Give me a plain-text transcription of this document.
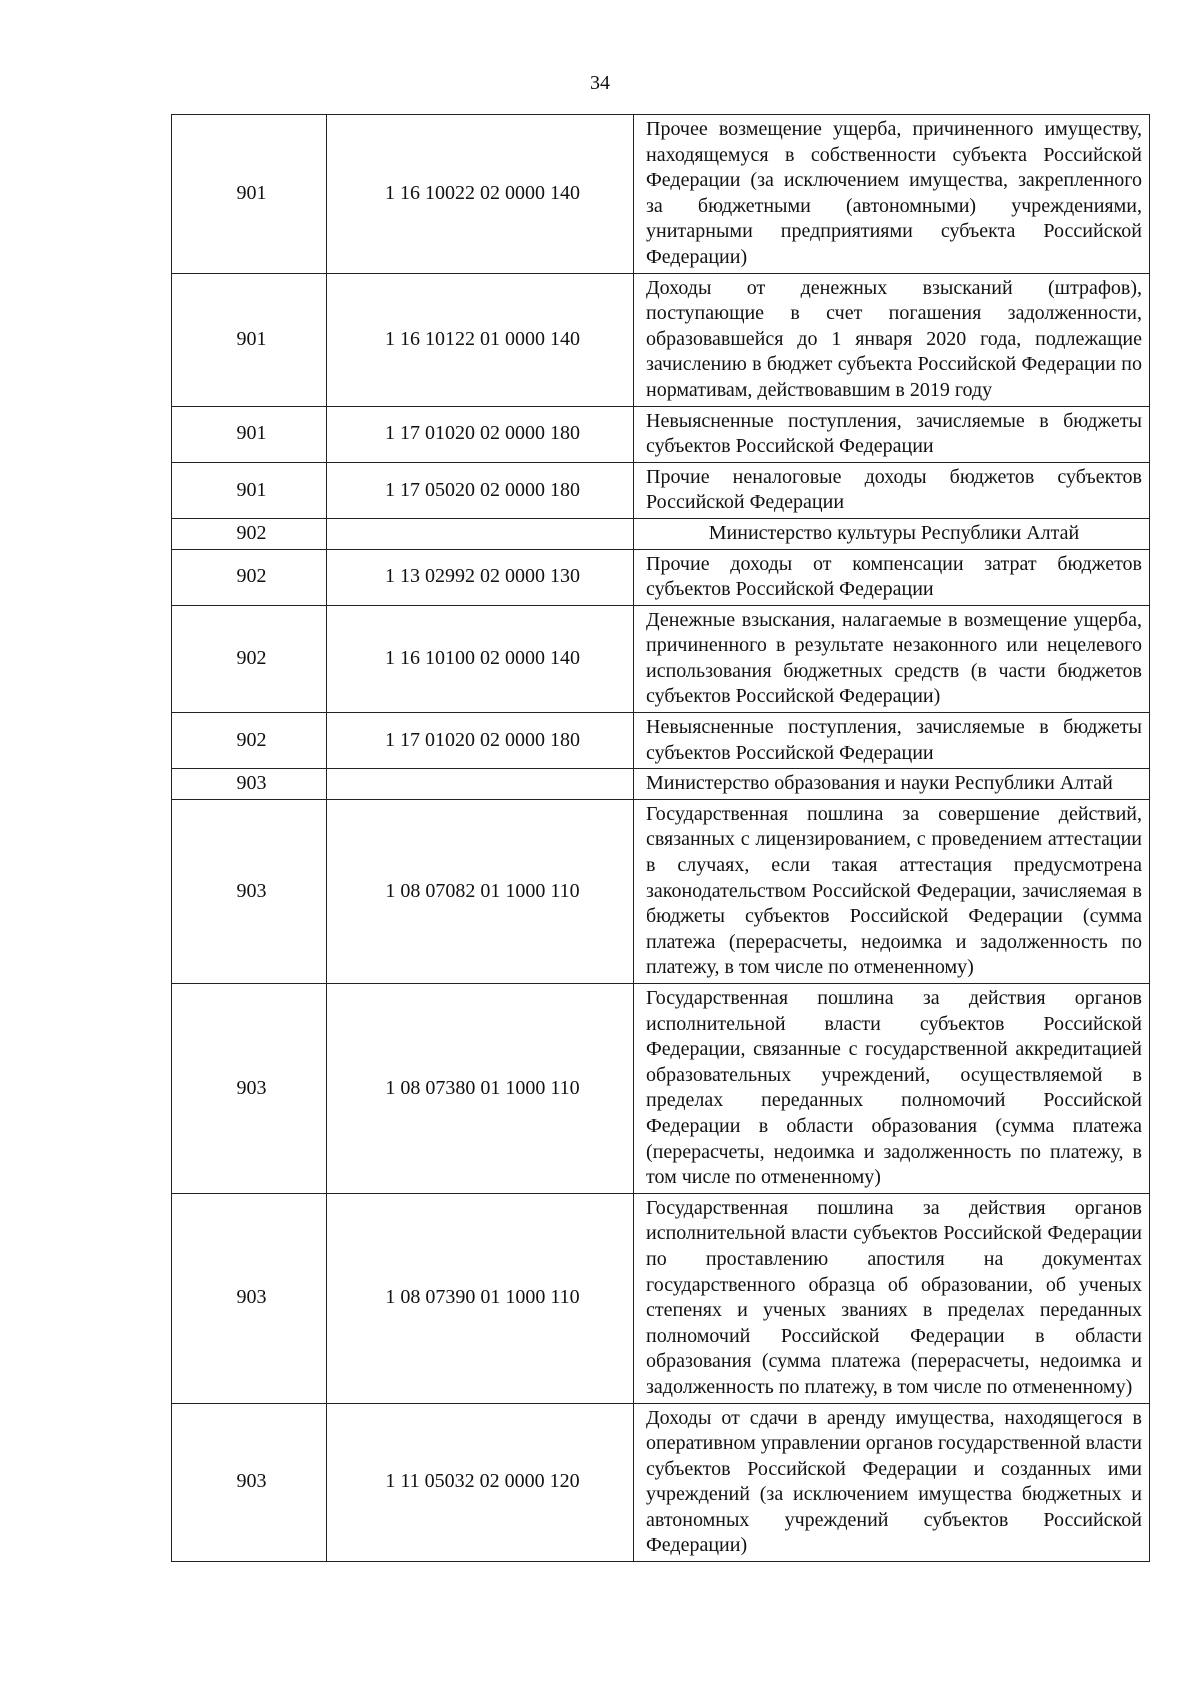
34
901	1 16 10022 02 0000 140	Прочее возмещение ущерба, причиненного имуществу, находящемуся в собственности субъекта Российской Федерации (за исключением имущества, закрепленного за бюджетными (автономными) учреждениями, унитарными предприятиями субъекта Российской Федерации)
901	1 16 10122 01 0000 140	Доходы от денежных взысканий (штрафов), поступающие в счет погашения задолженности, образовавшейся до 1 января 2020 года, подлежащие зачислению в бюджет субъекта Российской Федерации по нормативам, действовавшим в 2019 году
901	1 17 01020 02 0000 180	Невыясненные поступления, зачисляемые в бюджеты субъектов Российской Федерации
901	1 17 05020 02 0000 180	Прочие неналоговые доходы бюджетов субъектов Российской Федерации
902		Министерство культуры Республики Алтай
902	1 13 02992 02 0000 130	Прочие доходы от компенсации затрат бюджетов субъектов Российской Федерации
902	1 16 10100 02 0000 140	Денежные взыскания, налагаемые в возмещение ущерба, причиненного в результате незаконного или нецелевого использования бюджетных средств (в части бюджетов субъектов Российской Федерации)
902	1 17 01020 02 0000 180	Невыясненные поступления, зачисляемые в бюджеты субъектов Российской Федерации
903		Министерство образования и науки Республики Алтай
903	1 08 07082 01 1000 110	Государственная пошлина за совершение действий, связанных с лицензированием, с проведением аттестации в случаях, если такая аттестация предусмотрена законодательством Российской Федерации, зачисляемая в бюджеты субъектов Российской Федерации (сумма платежа (перерасчеты, недоимка и задолженность по платежу, в том числе по отмененному)
903	1 08 07380 01 1000 110	Государственная пошлина за действия органов исполнительной власти субъектов Российской Федерации, связанные с государственной аккредитацией образовательных учреждений, осуществляемой в пределах переданных полномочий Российской Федерации в области образования (сумма платежа (перерасчеты, недоимка и задолженность по платежу, в том числе по отмененному)
903	1 08 07390 01 1000 110	Государственная пошлина за действия органов исполнительной власти субъектов Российской Федерации по проставлению апостиля на документах государственного образца об образовании, об ученых степенях и ученых званиях в пределах переданных полномочий Российской Федерации в области образования (сумма платежа (перерасчеты, недоимка и задолженность по платежу, в том числе по отмененному)
903	1 11 05032 02 0000 120	Доходы от сдачи в аренду имущества, находящегося в оперативном управлении органов государственной власти субъектов Российской Федерации и созданных ими учреждений (за исключением имущества бюджетных и автономных учреждений субъектов Российской Федерации)
